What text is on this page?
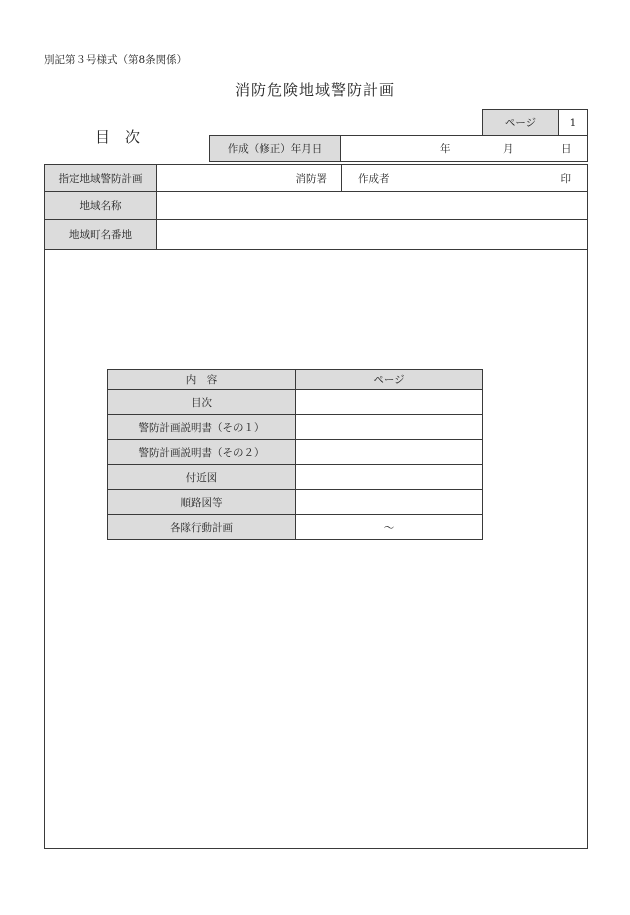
別記第３号様式（第8条関係）
消防危険地域警防計画
目　次
ページ	1
作成（修正）年月日	年	月	日
指定地域警防計画	消防署	作成者	印
地域名称
地域町名番地
内　容	ページ
目次
警防計画説明書（その１）
警防計画説明書（その２）
付近図
順路図等
各隊行動計画	～
